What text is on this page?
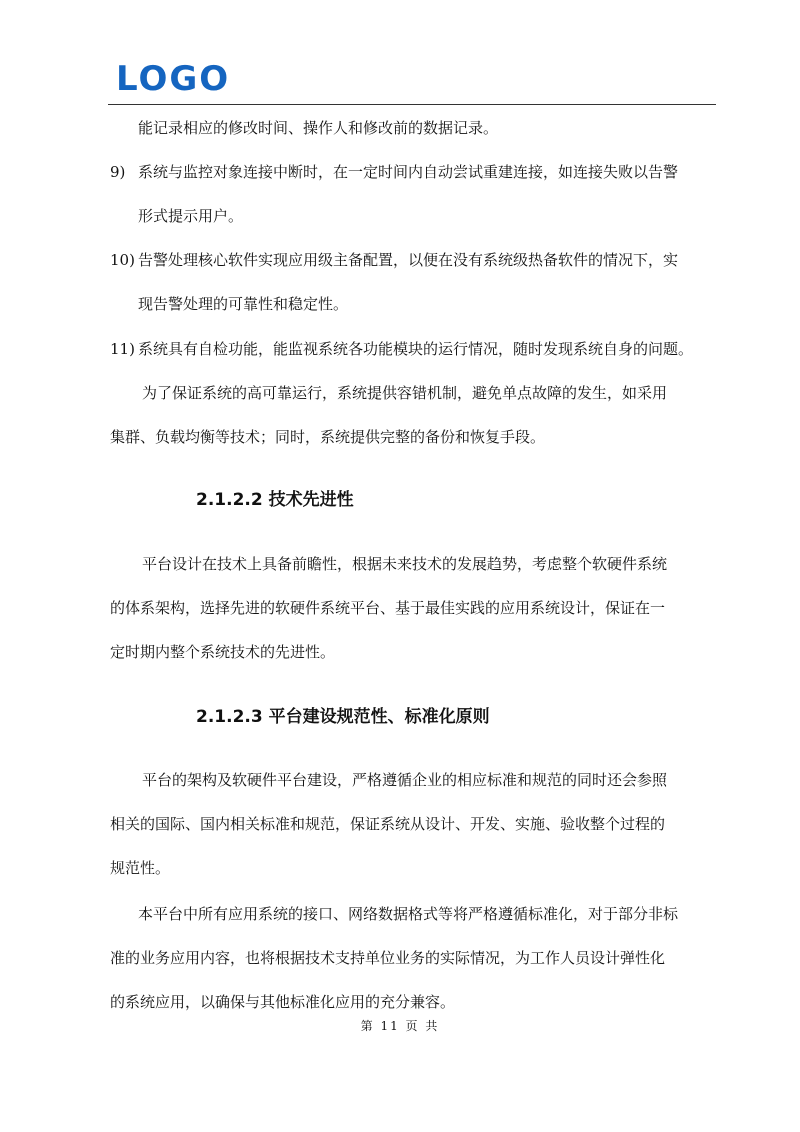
LOGO
能记录相应的修改时间、操作人和修改前的数据记录。
9) 系统与监控对象连接中断时，在一定时间内自动尝试重建连接，如连接失败以告警
形式提示用户。
10) 告警处理核心软件实现应用级主备配置，以便在没有系统级热备软件的情况下，实
现告警处理的可靠性和稳定性。
11) 系统具有自检功能，能监视系统各功能模块的运行情况，随时发现系统自身的问题。
为了保证系统的高可靠运行，系统提供容错机制，避免单点故障的发生，如采用
集群、负载均衡等技术；同时，系统提供完整的备份和恢复手段。
2.1.2.2 技术先进性
平台设计在技术上具备前瞻性，根据未来技术的发展趋势，考虑整个软硬件系统
的体系架构，选择先进的软硬件系统平台、基于最佳实践的应用系统设计，保证在一
定时期内整个系统技术的先进性。
2.1.2.3 平台建设规范性、标准化原则
平台的架构及软硬件平台建设，严格遵循企业的相应标准和规范的同时还会参照
相关的国际、国内相关标准和规范，保证系统从设计、开发、实施、验收整个过程的
规范性。
本平台中所有应用系统的接口、网络数据格式等将严格遵循标准化，对于部分非标
准的业务应用内容，也将根据技术支持单位业务的实际情况，为工作人员设计弹性化
的系统应用，以确保与其他标准化应用的充分兼容。
第 11 页 共
